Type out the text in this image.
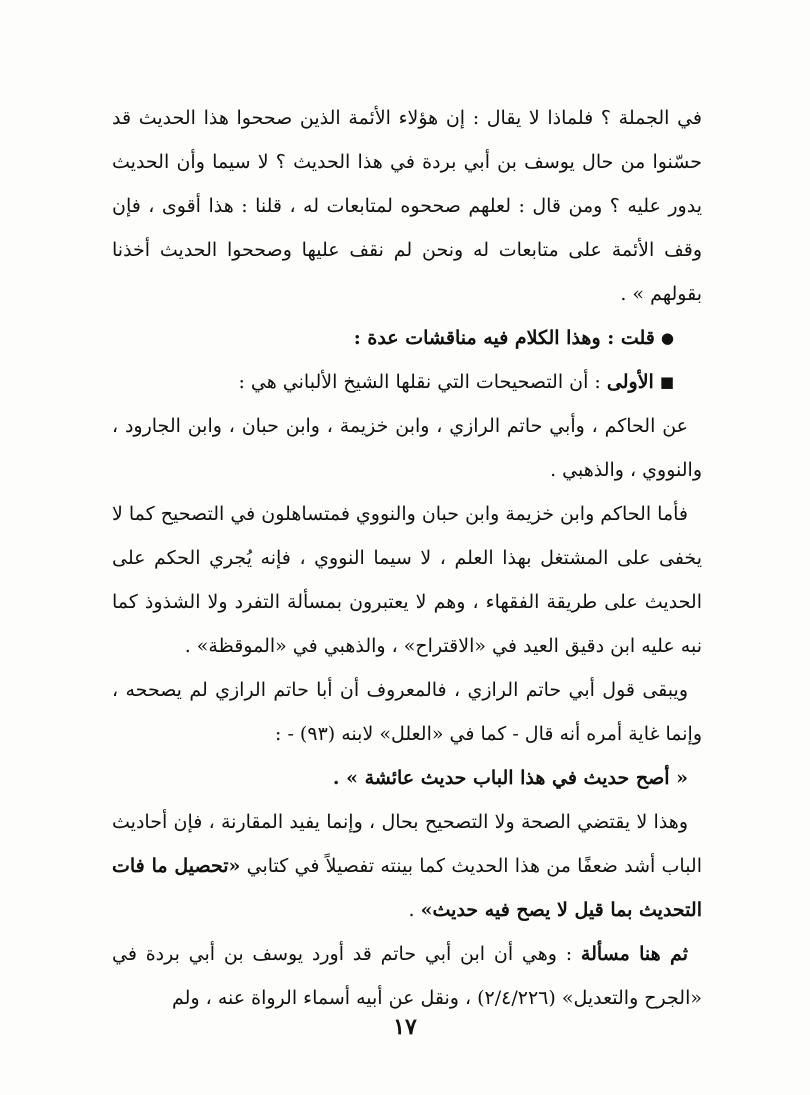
في الجملة ؟ فلماذا لا يقال : إن هؤلاء الأئمة الذين صححوا هذا الحديث قد حسّنوا من حال يوسف بن أبي بردة في هذا الحديث ؟ لا سيما وأن الحديث يدور عليه ؟ ومن قال : لعلهم صححوه لمتابعات له ، قلنا : هذا أقوى ، فإن وقف الأئمة على متابعات له ونحن لم نقف عليها وصححوا الحديث أخذنا بقولهم » .

●قلت : وهذا الكلام فيه مناقشات عدة :

■الأولى : أن التصحيحات التي نقلها الشيخ الألباني هي :

عن الحاكم ، وأبي حاتم الرازي ، وابن خزيمة ، وابن حبان ، وابن الجارود ، والنووي ، والذهبي .

فأما الحاكم وابن خزيمة وابن حبان والنووي فمتساهلون في التصحيح كما لا يخفى على المشتغل بهذا العلم ، لا سيما النووي ، فإنه يُجري الحكم على الحديث على طريقة الفقهاء ، وهم لا يعتبرون بمسألة التفرد ولا الشذوذ كما نبه عليه ابن دقيق العيد في «الاقتراح» ، والذهبي في «الموقظة» .

ويبقى قول أبي حاتم الرازي ، فالمعروف أن أبا حاتم الرازي لم يصححه ، وإنما غاية أمره أنه قال - كما في «العلل» لابنه (٩٣) - :

« أصح حديث في هذا الباب حديث عائشة » .

وهذا لا يقتضي الصحة ولا التصحيح بحال ، وإنما يفيد المقارنة ، فإن أحاديث الباب أشد ضعفًا من هذا الحديث كما بينته تفصيلاً في كتابي «تحصيل ما فات التحديث بما قيل لا يصح فيه حديث» .

ثم هنا مسألة : وهي أن ابن أبي حاتم قد أورد يوسف بن أبي بردة في «الجرح والتعديل» (٢/٤/٢٢٦) ، ونقل عن أبيه أسماء الرواة عنه ، ولم

١٧
